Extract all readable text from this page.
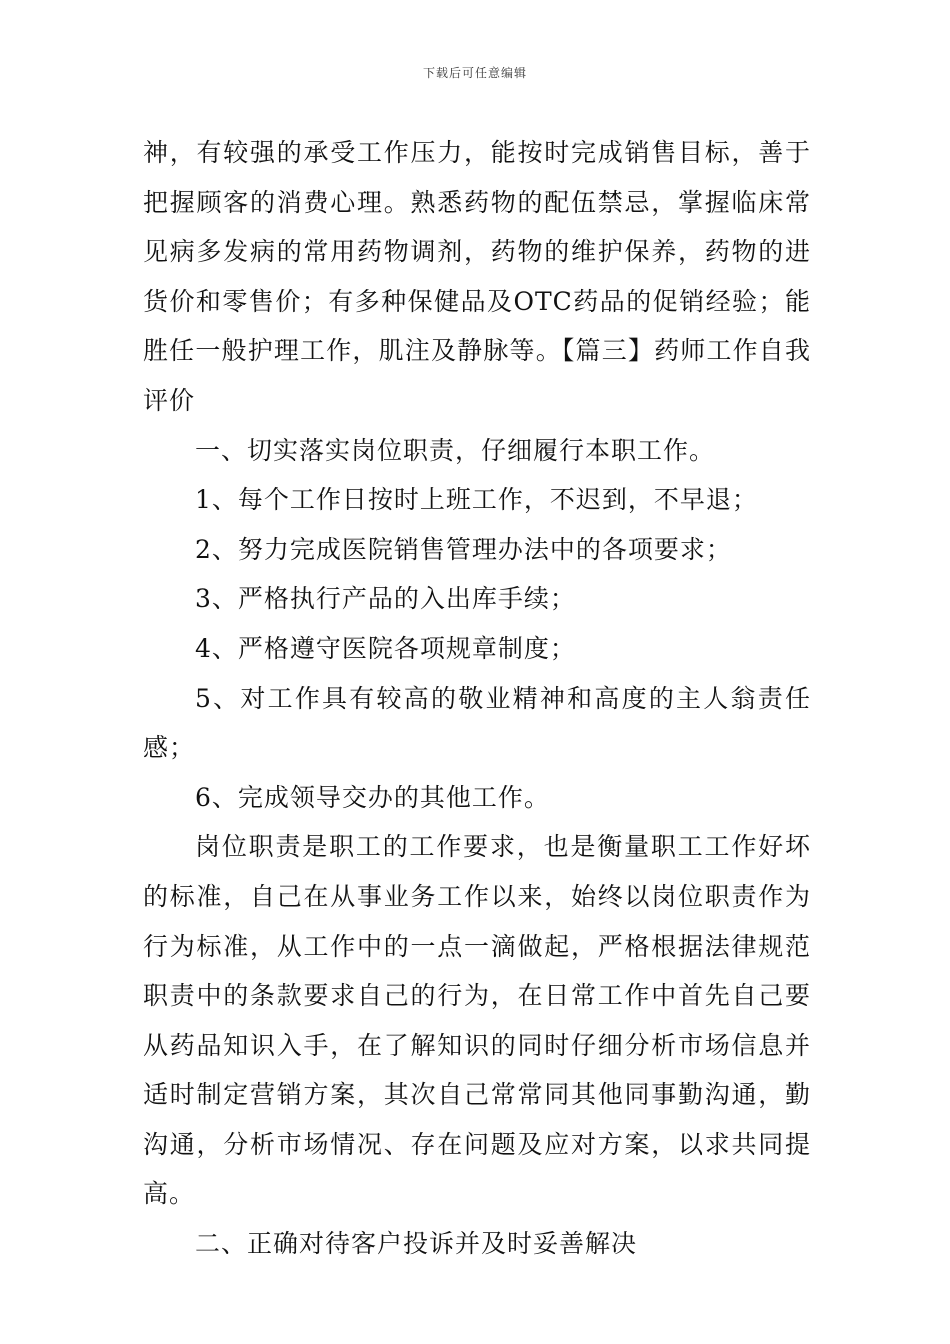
下载后可任意编辑

神，有较强的承受工作压力，能按时完成销售目标，善于把握顾客的消费心理。熟悉药物的配伍禁忌，掌握临床常见病多发病的常用药物调剂，药物的维护保养，药物的进货价和零售价；有多种保健品及OTC药品的促销经验；能胜任一般护理工作，肌注及静脉等。【篇三】药师工作自我评价

一、切实落实岗位职责，仔细履行本职工作。

1、每个工作日按时上班工作，不迟到，不早退；

2、努力完成医院销售管理办法中的各项要求；

3、严格执行产品的入出库手续；

4、严格遵守医院各项规章制度；

5、对工作具有较高的敬业精神和高度的主人翁责任感；

6、完成领导交办的其他工作。

岗位职责是职工的工作要求，也是衡量职工工作好坏的标准，自己在从事业务工作以来，始终以岗位职责作为行为标准，从工作中的一点一滴做起，严格根据法律规范职责中的条款要求自己的行为，在日常工作中首先自己要从药品知识入手，在了解知识的同时仔细分析市场信息并适时制定营销方案，其次自己常常同其他同事勤沟通，勤沟通，分析市场情况、存在问题及应对方案，以求共同提高。

二、正确对待客户投诉并及时妥善解决
